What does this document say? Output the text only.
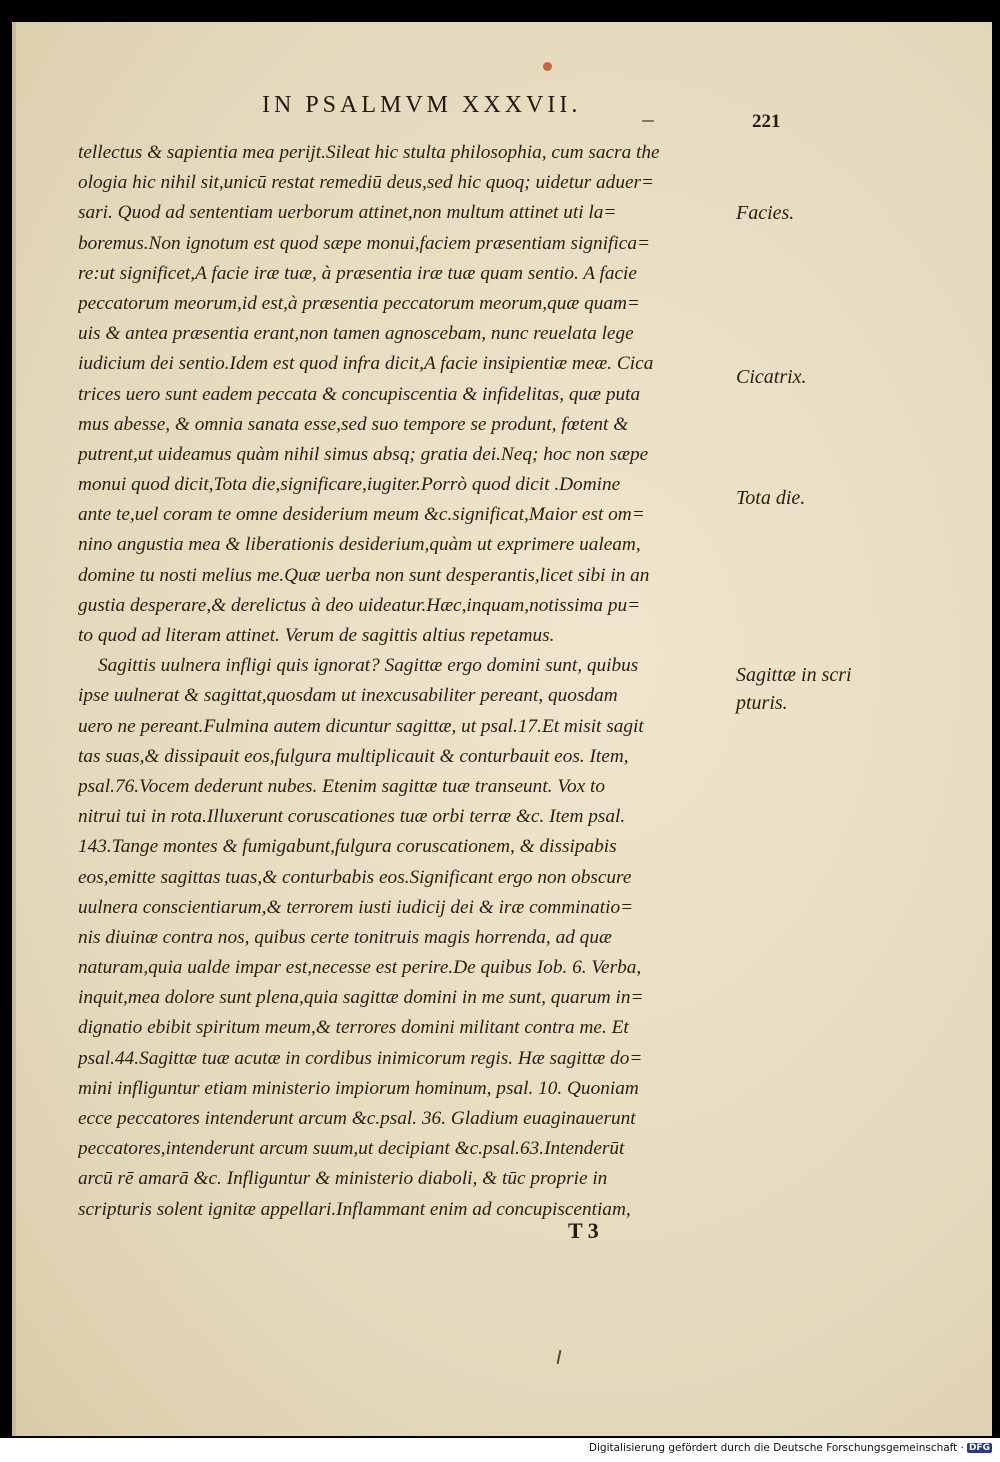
IN PSALMVM XXXVII.
221
tellectus & sapientia mea perijt.Sileat hic stulta philosophia, cum sacra the
ologia hic nihil sit,unicū restat remediū deus,sed hic quoq; uidetur aduer=
sari. Quod ad sententiam uerborum attinet,non multum attinet uti la=
boremus.Non ignotum est quod sæpe monui,faciem præsentiam significa=
re:ut significet,A facie iræ tuæ, à præsentia iræ tuæ quam sentio. A facie
peccatorum meorum,id est,à præsentia peccatorum meorum,quæ quam=
uis & antea præsentia erant,non tamen agnoscebam, nunc reuelata lege
iudicium dei sentio.Idem est quod infra dicit,A facie insipientiæ meæ. Cica
trices uero sunt eadem peccata & concupiscentia & infidelitas, quæ puta
mus abesse, & omnia sanata esse,sed suo tempore se produnt, fœtent &
putrent,ut uideamus quàm nihil simus absq; gratia dei.Neq; hoc non sæpe
monui quod dicit,Tota die,significare,iugiter.Porrò quod dicit .Domine
ante te,uel coram te omne desiderium meum &c.significat,Maior est om=
nino angustia mea & liberationis desiderium,quàm ut exprimere ualeam,
domine tu nosti melius me.Quæ uerba non sunt desperantis,licet sibi in an
gustia desperare,& derelictus à deo uideatur.Hæc,inquam,notissima pu=
to quod ad literam attinet. Verum de sagittis altius repetamus.
Sagittis uulnera infligi quis ignorat? Sagittæ ergo domini sunt, quibus
ipse uulnerat & sagittat,quosdam ut inexcusabiliter pereant, quosdam
uero ne pereant.Fulmina autem dicuntur sagittæ, ut psal.17.Et misit sagit
tas suas,& dissipauit eos,fulgura multiplicauit & conturbauit eos. Item,
psal.76.Vocem dederunt nubes. Etenim sagittæ tuæ transeunt. Vox to
nitrui tui in rota.Illuxerunt coruscationes tuæ orbi terræ &c. Item psal.
143.Tange montes & fumigabunt,fulgura coruscationem, & dissipabis
eos,emitte sagittas tuas,& conturbabis eos.Significant ergo non obscure
uulnera conscientiarum,& terrorem iusti iudicij dei & iræ comminatio=
nis diuinæ contra nos, quibus certe tonitruis magis horrenda, ad quæ
naturam,quia ualde impar est,necesse est perire.De quibus Iob. 6. Verba,
inquit,mea dolore sunt plena,quia sagittæ domini in me sunt, quarum in=
dignatio ebibit spiritum meum,& terrores domini militant contra me. Et
psal.44.Sagittæ tuæ acutæ in cordibus inimicorum regis. Hæ sagittæ do=
mini infliguntur etiam ministerio impiorum hominum, psal. 10. Quoniam
ecce peccatores intenderunt arcum &c.psal. 36. Gladium euaginauerunt
peccatores,intenderunt arcum suum,ut decipiant &c.psal.63.Intenderūt
arcū rē amarā &c. Infliguntur & ministerio diaboli, & tūc proprie in
scripturis solent ignitæ appellari.Inflammant enim ad concupiscentiam,
Facies.
Cicatrix.
Tota die.
Sagittæ in scri
pturis.
T 3
Digitalisierung gefördert durch die Deutsche Forschungsgemeinschaft · DFG
